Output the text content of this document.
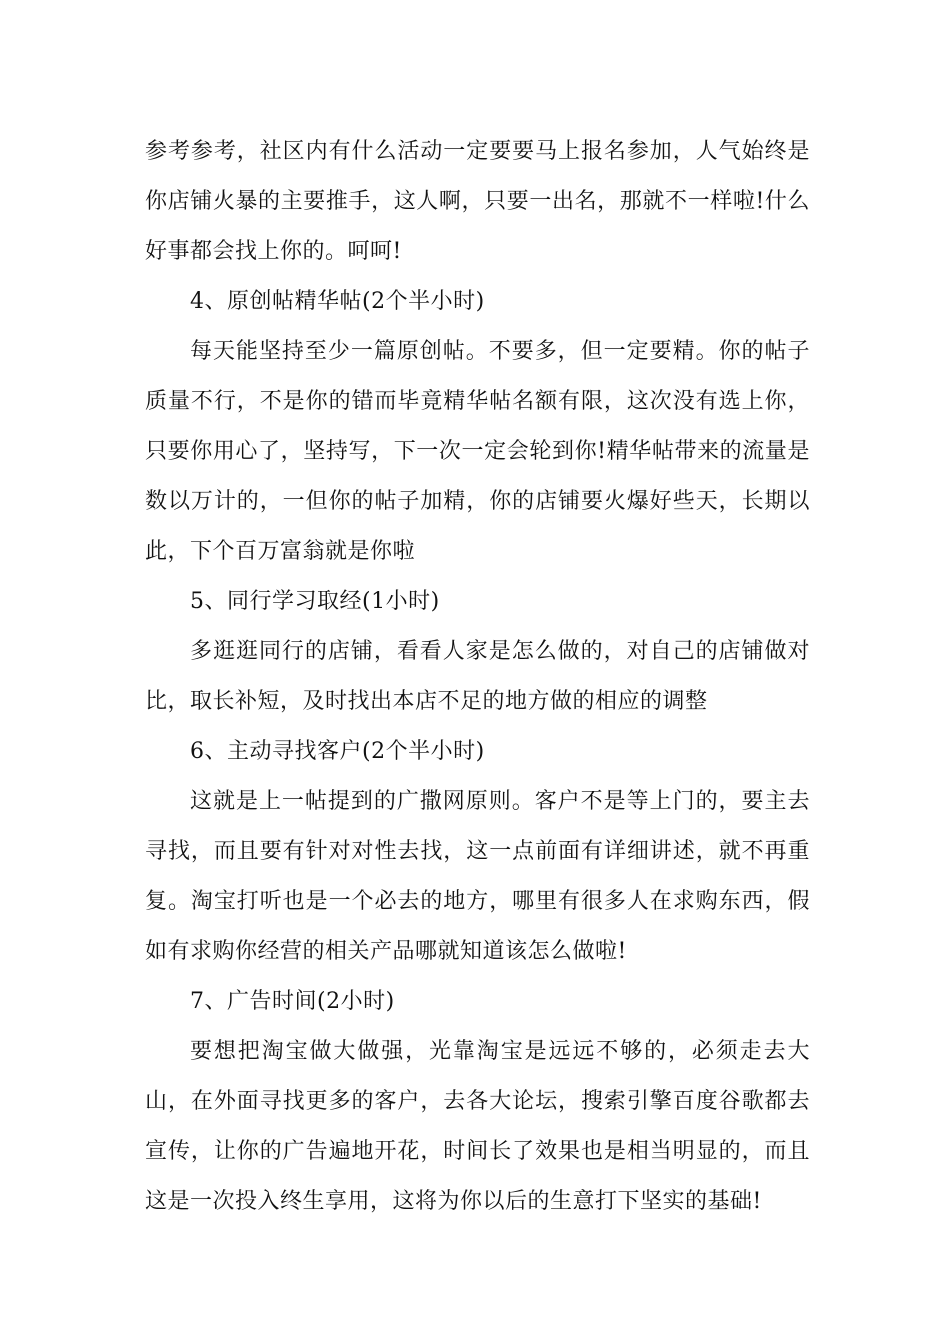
参考参考，社区内有什么活动一定要要马上报名参加，人气始终是你店铺火暴的主要推手，这人啊，只要一出名，那就不一样啦!什么好事都会找上你的。呵呵!

4、原创帖精华帖(2个半小时)

每天能坚持至少一篇原创帖。不要多，但一定要精。你的帖子质量不行，不是你的错而毕竟精华帖名额有限，这次没有选上你，只要你用心了，坚持写，下一次一定会轮到你!精华帖带来的流量是数以万计的，一但你的帖子加精，你的店铺要火爆好些天，长期以此，下个百万富翁就是你啦

5、同行学习取经(1小时)

多逛逛同行的店铺，看看人家是怎么做的，对自己的店铺做对比，取长补短，及时找出本店不足的地方做的相应的调整

6、主动寻找客户(2个半小时)

这就是上一帖提到的广撒网原则。客户不是等上门的，要主去寻找，而且要有针对对性去找，这一点前面有详细讲述，就不再重复。淘宝打听也是一个必去的地方，哪里有很多人在求购东西，假如有求购你经营的相关产品哪就知道该怎么做啦!

7、广告时间(2小时)

要想把淘宝做大做强，光靠淘宝是远远不够的，必须走去大山，在外面寻找更多的客户，去各大论坛，搜索引擎百度谷歌都去宣传，让你的广告遍地开花，时间长了效果也是相当明显的，而且这是一次投入终生享用，这将为你以后的生意打下坚实的基础!
